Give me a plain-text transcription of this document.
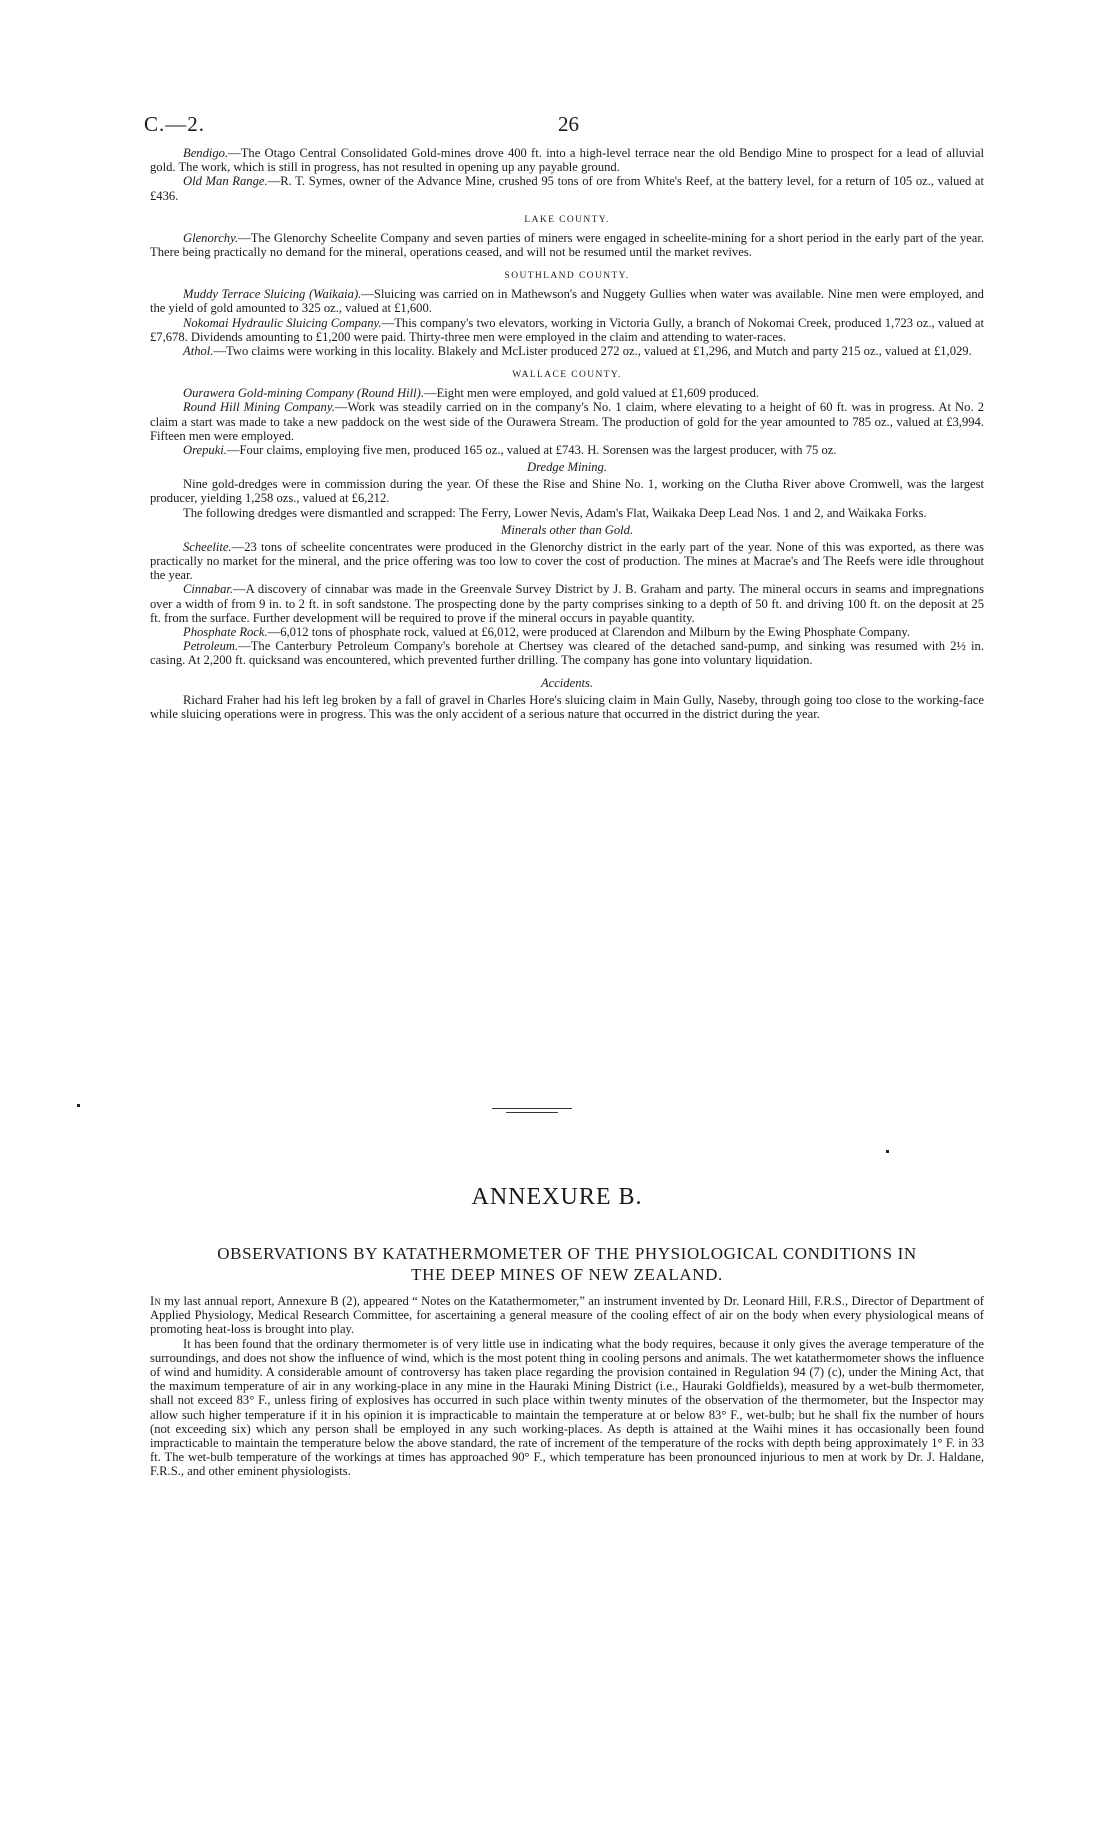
C.—2.	26

Bendigo.—The Otago Central Consolidated Gold-mines drove 400 ft. into a high-level terrace near the old Bendigo Mine to prospect for a lead of alluvial gold. The work, which is still in progress, has not resulted in opening up any payable ground.

Old Man Range.—R. T. Symes, owner of the Advance Mine, crushed 95 tons of ore from White's Reef, at the battery level, for a return of 105 oz., valued at £436.

LAKE COUNTY.

Glenorchy.—The Glenorchy Scheelite Company and seven parties of miners were engaged in scheelite-mining for a short period in the early part of the year. There being practically no demand for the mineral, operations ceased, and will not be resumed until the market revives.

SOUTHLAND COUNTY.

Muddy Terrace Sluicing (Waikaia).—Sluicing was carried on in Mathewson's and Nuggety Gullies when water was available. Nine men were employed, and the yield of gold amounted to 325 oz., valued at £1,600.

Nokomai Hydraulic Sluicing Company.—This company's two elevators, working in Victoria Gully, a branch of Nokomai Creek, produced 1,723 oz., valued at £7,678. Dividends amounting to £1,200 were paid. Thirty-three men were employed in the claim and attending to water-races.

Athol.—Two claims were working in this locality. Blakely and McLister produced 272 oz., valued at £1,296, and Mutch and party 215 oz., valued at £1,029.

WALLACE COUNTY.

Ourawera Gold-mining Company (Round Hill).—Eight men were employed, and gold valued at £1,609 produced.

Round Hill Mining Company.—Work was steadily carried on in the company's No. 1 claim, where elevating to a height of 60 ft. was in progress. At No. 2 claim a start was made to take a new paddock on the west side of the Ourawera Stream. The production of gold for the year amounted to 785 oz., valued at £3,994. Fifteen men were employed.

Orepuki.—Four claims, employing five men, produced 165 oz., valued at £743. H. Sorensen was the largest producer, with 75 oz.

Dredge Mining.

Nine gold-dredges were in commission during the year. Of these the Rise and Shine No. 1, working on the Clutha River above Cromwell, was the largest producer, yielding 1,258 ozs., valued at £6,212.

The following dredges were dismantled and scrapped: The Ferry, Lower Nevis, Adam's Flat, Waikaka Deep Lead Nos. 1 and 2, and Waikaka Forks.

Minerals other than Gold.

Scheelite.—23 tons of scheelite concentrates were produced in the Glenorchy district in the early part of the year. None of this was exported, as there was practically no market for the mineral, and the price offering was too low to cover the cost of production. The mines at Macrae's and The Reefs were idle throughout the year.

Cinnabar.—A discovery of cinnabar was made in the Greenvale Survey District by J. B. Graham and party. The mineral occurs in seams and impregnations over a width of from 9 in. to 2 ft. in soft sandstone. The prospecting done by the party comprises sinking to a depth of 50 ft. and driving 100 ft. on the deposit at 25 ft. from the surface. Further development will be required to prove if the mineral occurs in payable quantity.

Phosphate Rock.—6,012 tons of phosphate rock, valued at £6,012, were produced at Clarendon and Milburn by the Ewing Phosphate Company.

Petroleum.—The Canterbury Petroleum Company's borehole at Chertsey was cleared of the detached sand-pump, and sinking was resumed with 2½ in. casing. At 2,200 ft. quicksand was encountered, which prevented further drilling. The company has gone into voluntary liquidation.

Accidents.

Richard Fraher had his left leg broken by a fall of gravel in Charles Hore's sluicing claim in Main Gully, Naseby, through going too close to the working-face while sluicing operations were in progress. This was the only accident of a serious nature that occurred in the district during the year.

ANNEXURE B.
OBSERVATIONS BY KATATHERMOMETER OF THE PHYSIOLOGICAL CONDITIONS IN
THE DEEP MINES OF NEW ZEALAND.

In my last annual report, Annexure B (2), appeared “ Notes on the Katathermometer,” an instrument invented by Dr. Leonard Hill, F.R.S., Director of Department of Applied Physiology, Medical Research Committee, for ascertaining a general measure of the cooling effect of air on the body when every physiological means of promoting heat-loss is brought into play.

It has been found that the ordinary thermometer is of very little use in indicating what the body requires, because it only gives the average temperature of the surroundings, and does not show the influence of wind, which is the most potent thing in cooling persons and animals. The wet katathermometer shows the influence of wind and humidity. A considerable amount of controversy has taken place regarding the provision contained in Regulation 94 (7) (c), under the Mining Act, that the maximum temperature of air in any working-place in any mine in the Hauraki Mining District (i.e., Hauraki Goldfields), measured by a wet-bulb thermometer, shall not exceed 83° F., unless firing of explosives has occurred in such place within twenty minutes of the observation of the thermometer, but the Inspector may allow such higher temperature if it in his opinion it is impracticable to maintain the temperature at or below 83° F., wet-bulb; but he shall fix the number of hours (not exceeding six) which any person shall be employed in any such working-places. As depth is attained at the Waihi mines it has occasionally been found impracticable to maintain the temperature below the above standard, the rate of increment of the temperature of the rocks with depth being approximately 1° F. in 33 ft. The wet-bulb temperature of the workings at times has approached 90° F., which temperature has been pronounced injurious to men at work by Dr. J. Haldane, F.R.S., and other eminent physiologists.
